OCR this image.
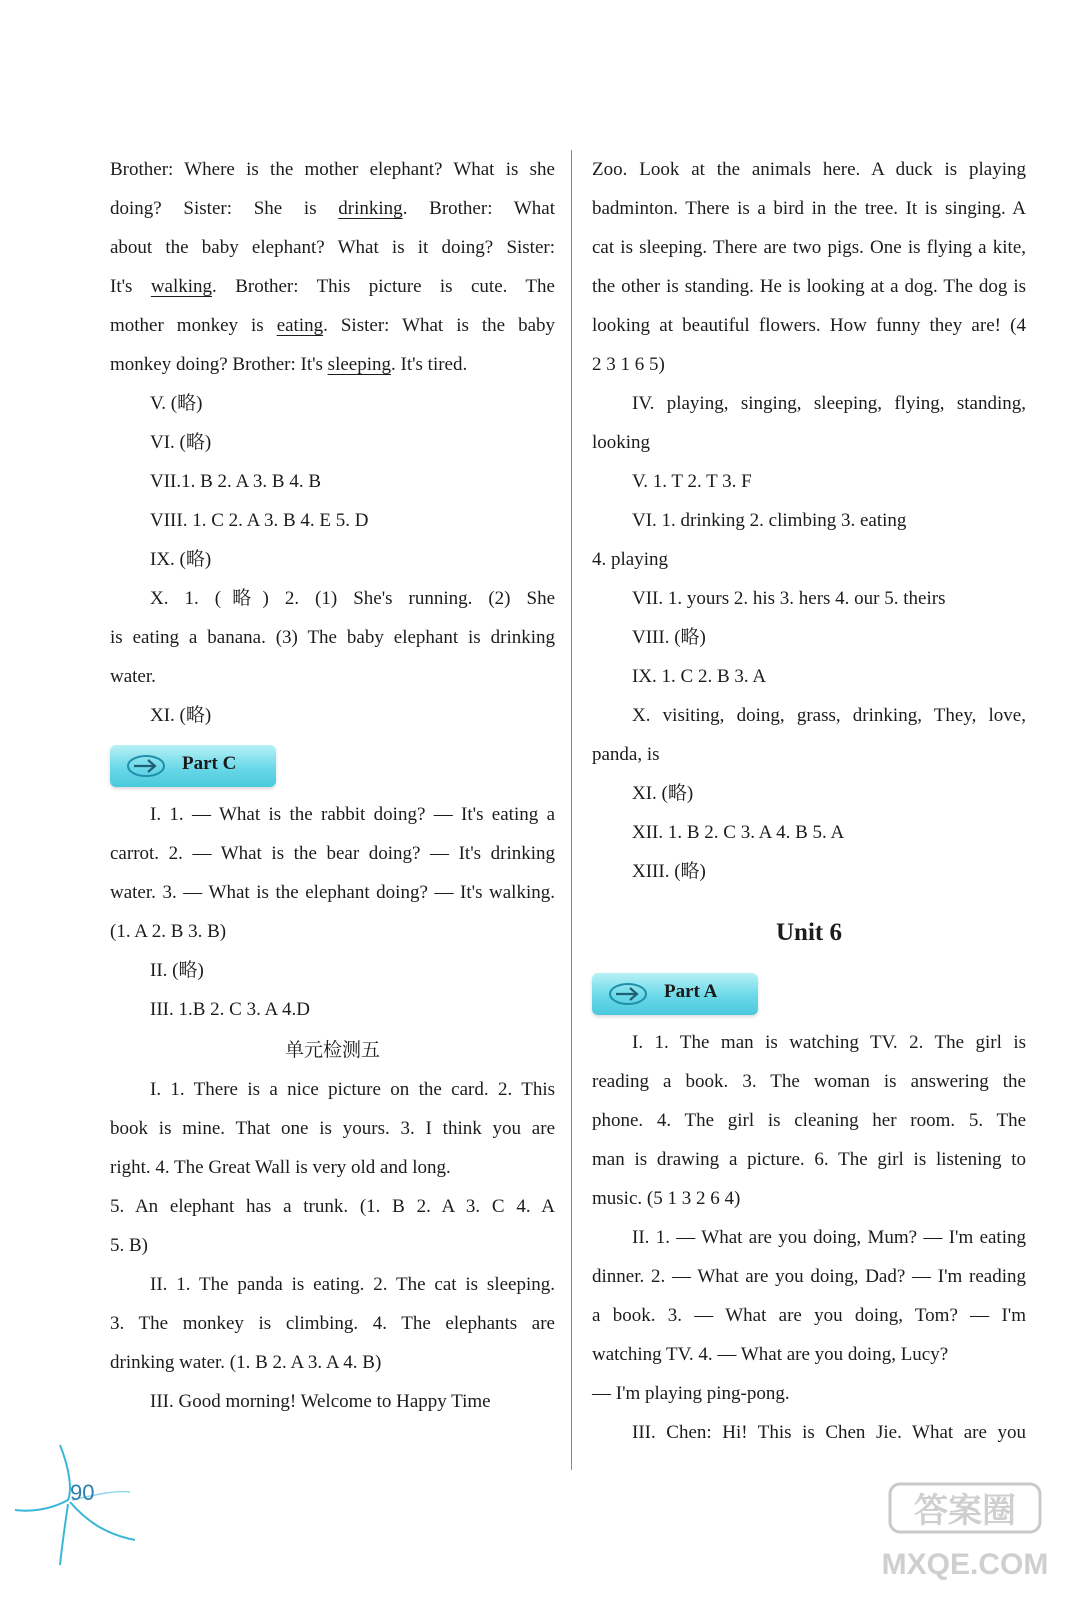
Brother: Where is the mother elephant? What is she
doing? Sister: She is drinking. Brother: What
about the baby elephant? What is it doing? Sister:
It's walking. Brother: This picture is cute. The
mother monkey is eating. Sister: What is the baby
monkey doing? Brother: It's sleeping. It's tired.
V. (略)
VI. (略)
VII.1. B 2. A 3. B 4. B
VIII. 1. C 2. A 3. B 4. E 5. D
IX. (略)
X. 1. (略) 2. (1) She's running. (2) She
is eating a banana. (3) The baby elephant is drinking
water.
XI. (略)
Part C
I. 1. — What is the rabbit doing? — It's eating a
carrot. 2. — What is the bear doing? — It's drinking
water. 3. — What is the elephant doing? — It's walking.
(1. A 2. B 3. B)
II. (略)
III. 1.B 2. C 3. A 4.D
单元检测五
I. 1. There is a nice picture on the card. 2. This
book is mine. That one is yours. 3. I think you are
right. 4. The Great Wall is very old and long.
5. An elephant has a trunk. (1. B 2. A 3. C 4. A
5. B)
II. 1. The panda is eating. 2. The cat is sleeping.
3. The monkey is climbing. 4. The elephants are
drinking water. (1. B 2. A 3. A 4. B)
III. Good morning! Welcome to Happy Time
Zoo. Look at the animals here. A duck is playing
badminton. There is a bird in the tree. It is singing. A
cat is sleeping. There are two pigs. One is flying a kite,
the other is standing. He is looking at a dog. The dog is
looking at beautiful flowers. How funny they are! (4
2 3 1 6 5)
IV. playing, singing, sleeping, flying, standing,
looking
V. 1. T 2. T 3. F
VI. 1. drinking 2. climbing 3. eating
4. playing
VII. 1. yours 2. his 3. hers 4. our 5. theirs
VIII. (略)
IX. 1. C 2. B 3. A
X. visiting, doing, grass, drinking, They, love,
panda, is
XI. (略)
XII. 1. B 2. C 3. A 4. B 5. A
XIII. (略)
Unit 6
Part A
I. 1. The man is watching TV. 2. The girl is
reading a book. 3. The woman is answering the
phone. 4. The girl is cleaning her room. 5. The
man is drawing a picture. 6. The girl is listening to
music. (5 1 3 2 6 4)
II. 1. — What are you doing, Mum? — I'm eating
dinner. 2. — What are you doing, Dad? — I'm reading
a book. 3. — What are you doing, Tom? — I'm
watching TV. 4. — What are you doing, Lucy?
— I'm playing ping-pong.
III. Chen: Hi! This is Chen Jie. What are you
90	答案圈
MXQE.COM
